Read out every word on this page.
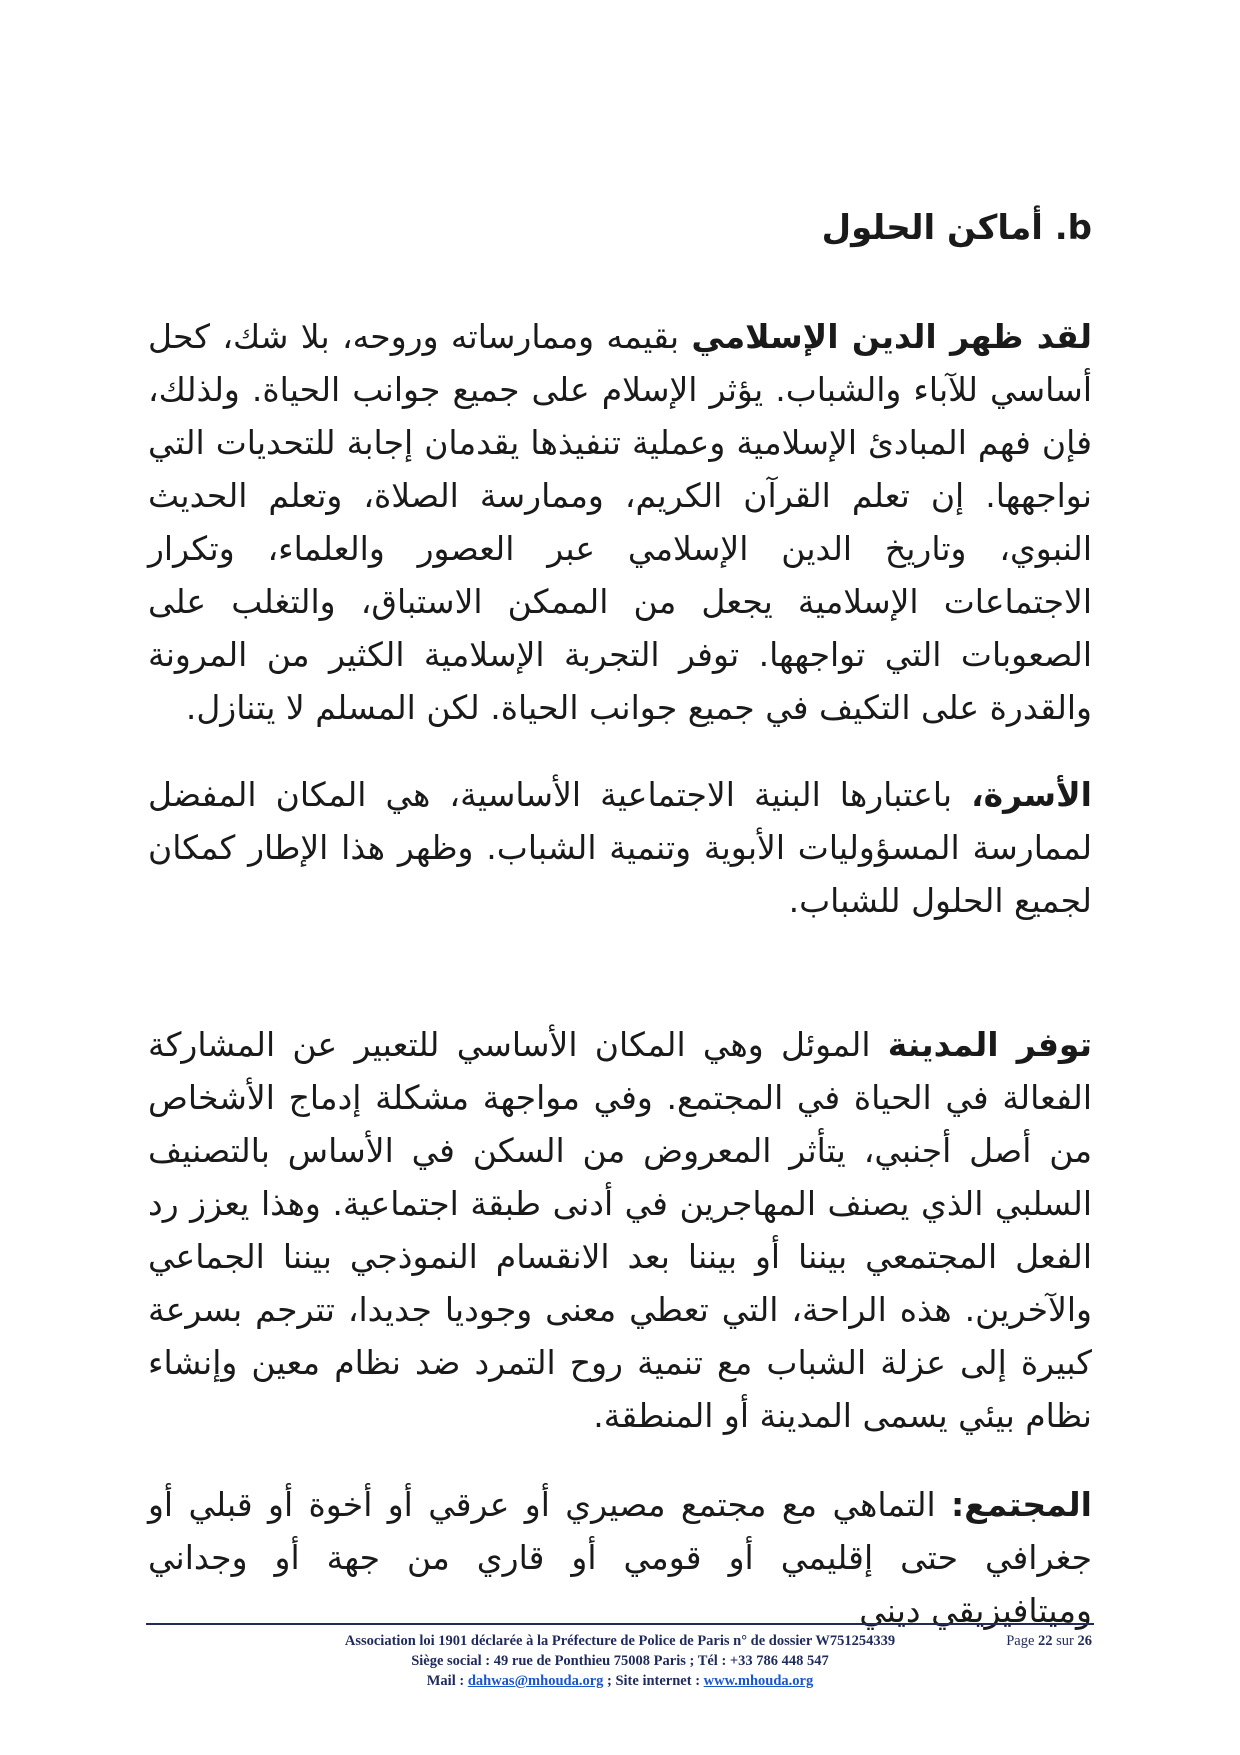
b. أماكن الحلول

لقد ظهر الدين الإسلامي بقيمه وممارساته وروحه، بلا شك، كحل أساسي للآباء والشباب. يؤثر الإسلام على جميع جوانب الحياة. ولذلك، فإن فهم المبادئ الإسلامية وعملية تنفيذها يقدمان إجابة للتحديات التي نواجهها. إن تعلم القرآن الكريم، وممارسة الصلاة، وتعلم الحديث النبوي، وتاريخ الدين الإسلامي عبر العصور والعلماء، وتكرار الاجتماعات الإسلامية يجعل من الممكن الاستباق، والتغلب على الصعوبات التي تواجهها. توفر التجربة الإسلامية الكثير من المرونة والقدرة على التكيف في جميع جوانب الحياة. لكن المسلم لا يتنازل.

الأسرة، باعتبارها البنية الاجتماعية الأساسية، هي المكان المفضل لممارسة المسؤوليات الأبوية وتنمية الشباب. وظهر هذا الإطار كمكان لجميع الحلول للشباب.

توفر المدينة الموئل وهي المكان الأساسي للتعبير عن المشاركة الفعالة في الحياة في المجتمع. وفي مواجهة مشكلة إدماج الأشخاص من أصل أجنبي، يتأثر المعروض من السكن في الأساس بالتصنيف السلبي الذي يصنف المهاجرين في أدنى طبقة اجتماعية. وهذا يعزز رد الفعل المجتمعي بيننا أو بيننا بعد الانقسام النموذجي بيننا الجماعي والآخرين. هذه الراحة، التي تعطي معنى وجوديا جديدا، تترجم بسرعة كبيرة إلى عزلة الشباب مع تنمية روح التمرد ضد نظام معين وإنشاء نظام بيئي يسمى المدينة أو المنطقة.

المجتمع: التماهي مع مجتمع مصيري أو عرقي أو أخوة أو قبلي أو جغرافي حتى إقليمي أو قومي أو قاري من جهة أو وجداني وميتافيزيقي ديني

Association loi 1901 déclarée à la Préfecture de Police de Paris n° de dossier W751254339	Page 22 sur 26
Siège social : 49 rue de Ponthieu 75008 Paris ; Tél : +33 786 448 547
Mail : dahwas@mhouda.org ; Site internet : www.mhouda.org
